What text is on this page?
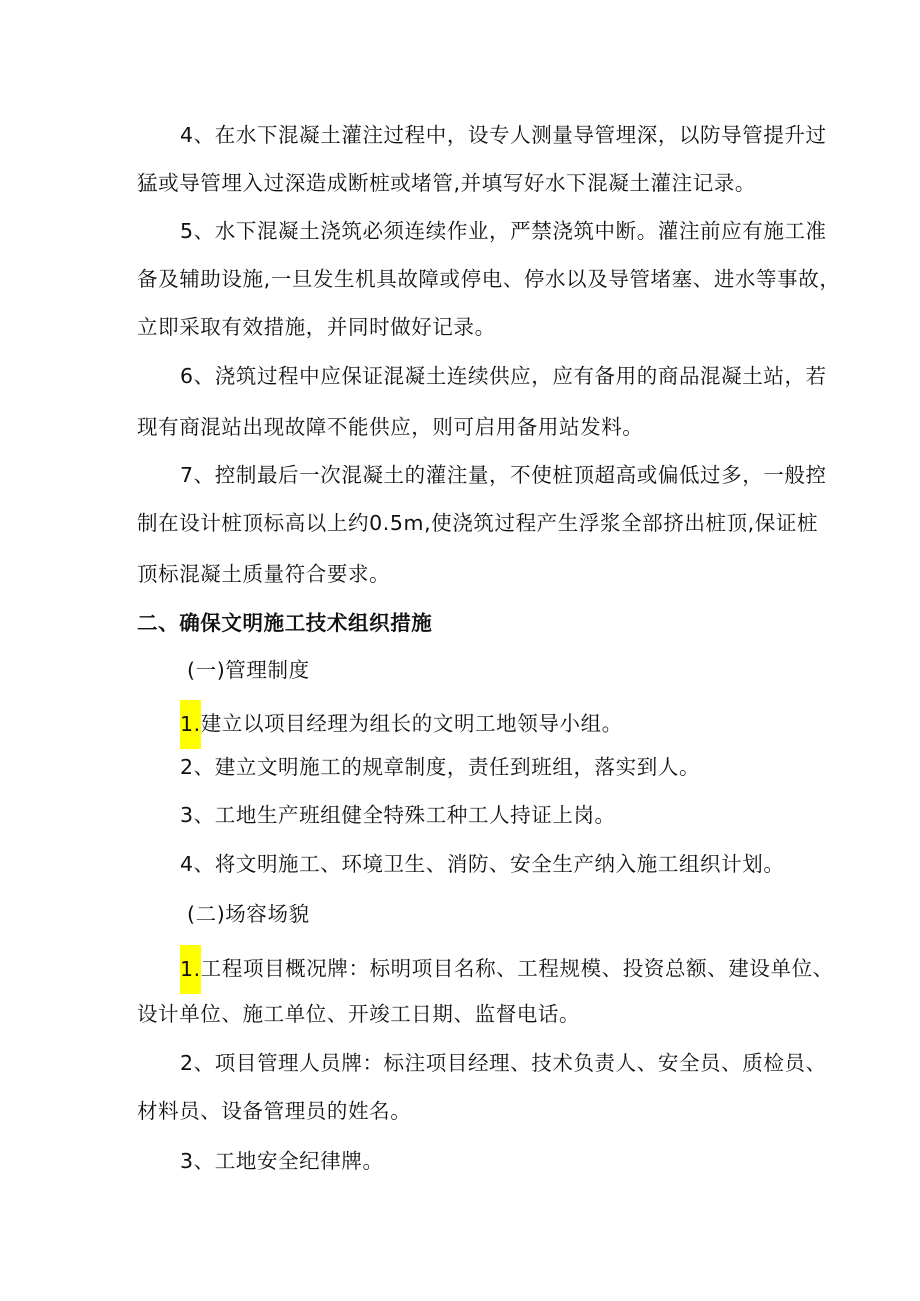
4、在水下混凝土灌注过程中，设专人测量导管埋深，以防导管提升过
猛或导管埋入过深造成断桩或堵管,并填写好水下混凝土灌注记录。
5、水下混凝土浇筑必须连续作业，严禁浇筑中断。灌注前应有施工准
备及辅助设施,一旦发生机具故障或停电、停水以及导管堵塞、进水等事故，
立即采取有效措施，并同时做好记录。
6、浇筑过程中应保证混凝土连续供应，应有备用的商品混凝土站，若
现有商混站出现故障不能供应，则可启用备用站发料。
7、控制最后一次混凝土的灌注量，不使桩顶超高或偏低过多，一般控
制在设计桩顶标高以上约0.5m,使浇筑过程产生浮浆全部挤出桩顶,保证桩
顶标混凝土质量符合要求。
二、确保文明施工技术组织措施
(一)管理制度
1.建立以项目经理为组长的文明工地领导小组。
2、建立文明施工的规章制度，责任到班组，落实到人。
3、工地生产班组健全特殊工种工人持证上岗。
4、将文明施工、环境卫生、消防、安全生产纳入施工组织计划。
(二)场容场貌
1.工程项目概况牌：标明项目名称、工程规模、投资总额、建设单位、
设计单位、施工单位、开竣工日期、监督电话。
2、项目管理人员牌：标注项目经理、技术负责人、安全员、质检员、
材料员、设备管理员的姓名。
3、工地安全纪律牌。
